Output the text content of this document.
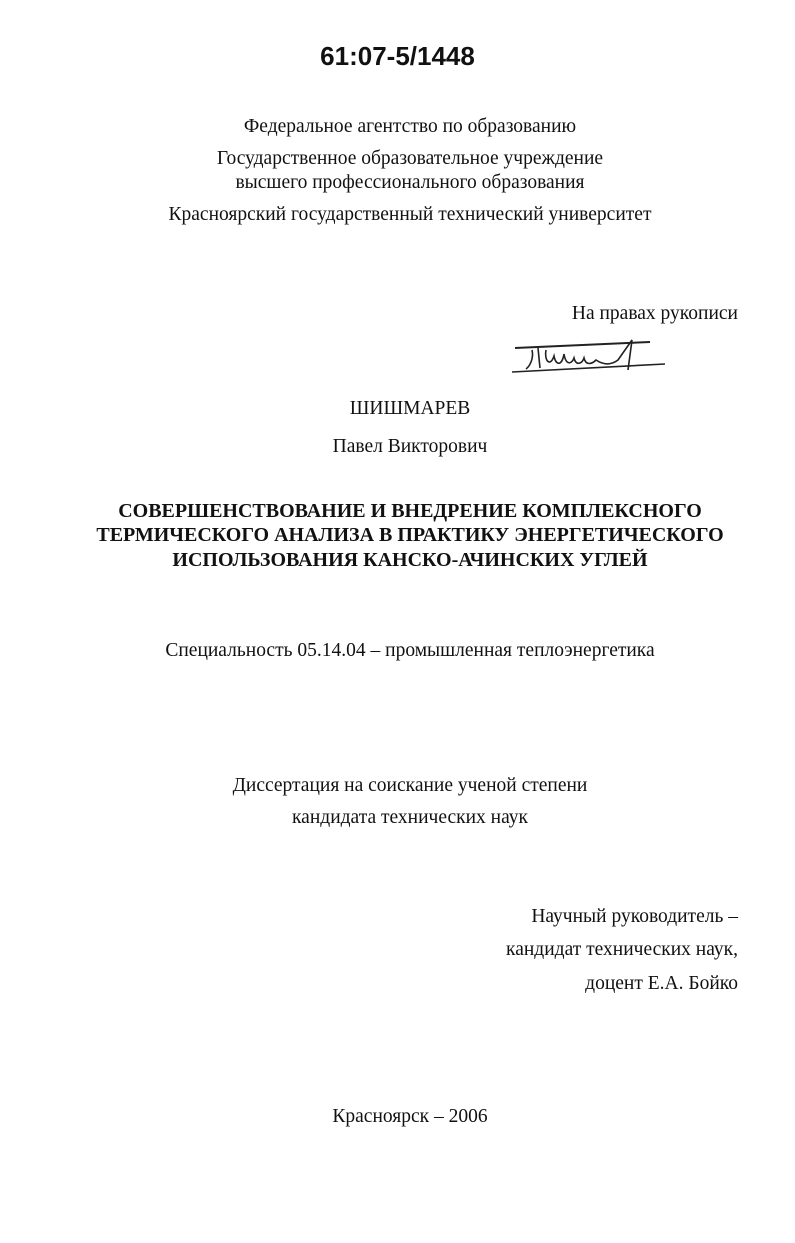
61:07-5/1448
Федеральное агентство по образованию
Государственное образовательное учреждение
высшего профессионального образования
Красноярский государственный технический университет
На правах рукописи
ШИШМАРЕВ
Павел Викторович
СОВЕРШЕНСТВОВАНИЕ И ВНЕДРЕНИЕ КОМПЛЕКСНОГО
ТЕРМИЧЕСКОГО АНАЛИЗА В ПРАКТИКУ ЭНЕРГЕТИЧЕСКОГО
ИСПОЛЬЗОВАНИЯ КАНСКО-АЧИНСКИХ УГЛЕЙ
Специальность 05.14.04 – промышленная теплоэнергетика
Диссертация на соискание ученой степени
кандидата технических наук
Научный руководитель –
кандидат технических наук,
доцент Е.А. Бойко
Красноярск – 2006
